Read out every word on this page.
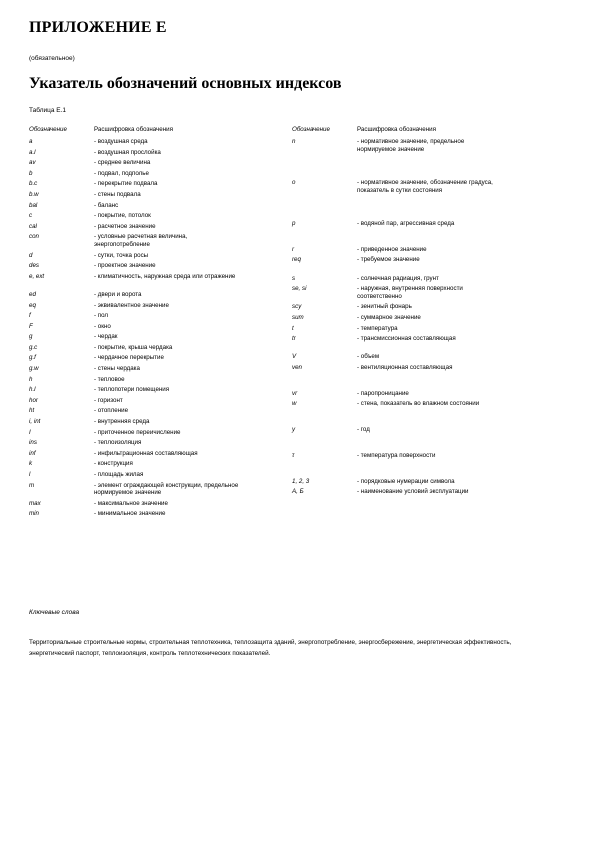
ПРИЛОЖЕНИЕ Е
(обязательное)
Указатель обозначений основных индексов
Таблица Е.1
Обозначение	Расшифровка обозначения
a	- воздушная среда
a.l	- воздушная прослойка
av	- среднее величина
b	- подвал, подполье
b.c	- перекрытие подвала
b.w	- стены подвала
bal	- баланс
c	- покрытие, потолок
cal	- расчетное значение
con	- условные расчетная величина,
энергопотребление
d	- сутки, точка росы
des	- проектное значение
e, ext	- климатичность, наружная среда или отражение
ed	- двери и ворота
eq	- эквивалентное значение
f	- пол
F	- окно
g	- чердак
g.c	- покрытие, крыша чердака
g.f	- чердачное перекрытие
g.w	- стены чердака
h	- тепловое
h.l	- теплопотери помещения
hor	- горизонт
ht	- отопление
i, int	- внутренняя среда
I	- приточенное переичисление
ins	- теплоизоляция
inf	- инфильтрационная составляющая
k	- конструкция
l	- площадь жилая
m	- элемент ограждающей конструкции, предельное
нормируемое значение
max	- максимальное значение
min	- минимальное значение
Обозначение	Расшифровка обозначения
n	- нормативное значение, предельное
нормируемое значение
o	- нормативное значение, обозначение градуса,
показатель в сутки состояния
p	- водяной пар, агрессивная среда
r	- приведенное значение
req	- требуемое значение
s	- солнечная радиация, грунт
se, si	- наружная, внутренняя поверхности
соответственно
scy	- зенитный фонарь
sum	- суммарное значение
t	- температура
tr	- трансмиссионная составляющая
V	- объем
ven	- вентиляционная составляющая
vr	- паропроницание
w	- стена, показатель во влажном состоянии
y	- год
τ	- температура поверхности
1, 2, 3	- порядковые нумерации символа
А, Б	- наименование условий эксплуатации
Ключевые слова
Территориальные строительные нормы, строительная теплотехника, теплозащита зданий, энергопотребление, энергосбережение, энергетическая эффективность, энергетический паспорт, теплоизоляция, контроль теплотехнических показателей.
